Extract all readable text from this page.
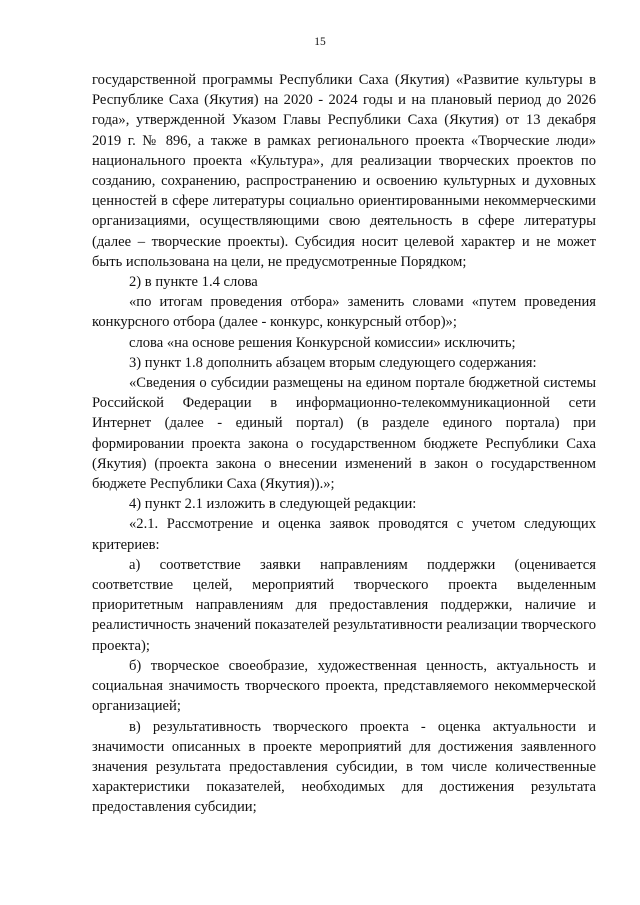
15

государственной программы Республики Саха (Якутия) «Развитие культуры в Республике Саха (Якутия) на 2020 - 2024 годы и на плановый период до 2026 года», утвержденной Указом Главы Республики Саха (Якутия) от 13 декабря 2019 г. № 896, а также в рамках регионального проекта «Творческие люди» национального проекта «Культура», для реализации творческих проектов по созданию, сохранению, распространению и освоению культурных и духовных ценностей в сфере литературы социально ориентированными некоммерческими организациями, осуществляющими свою деятельность в сфере литературы (далее – творческие проекты). Субсидия носит целевой характер и не может быть использована на цели, не предусмотренные Порядком;

2) в пункте 1.4 слова

«по итогам проведения отбора» заменить словами «путем проведения конкурсного отбора (далее - конкурс, конкурсный отбор)»;

слова «на основе решения Конкурсной комиссии» исключить;

3) пункт 1.8 дополнить абзацем вторым следующего содержания:

«Сведения о субсидии размещены на едином портале бюджетной системы Российской Федерации в информационно-телекоммуникационной сети Интернет (далее - единый портал) (в разделе единого портала) при формировании проекта закона о государственном бюджете Республики Саха (Якутия) (проекта закона о внесении изменений в закон о государственном бюджете Республики Саха (Якутия)).»;

4) пункт 2.1 изложить в следующей редакции:

«2.1. Рассмотрение и оценка заявок проводятся с учетом следующих критериев:

а) соответствие заявки направлениям поддержки (оценивается соответствие целей, мероприятий творческого проекта выделенным приоритетным направлениям для предоставления поддержки, наличие и реалистичность значений показателей результативности реализации творческого проекта);

б) творческое своеобразие, художественная ценность, актуальность и социальная значимость творческого проекта, представляемого некоммерческой организацией;

в) результативность творческого проекта - оценка актуальности и значимости описанных в проекте мероприятий для достижения заявленного значения результата предоставления субсидии, в том числе количественные характеристики показателей, необходимых для достижения результата предоставления субсидии;
